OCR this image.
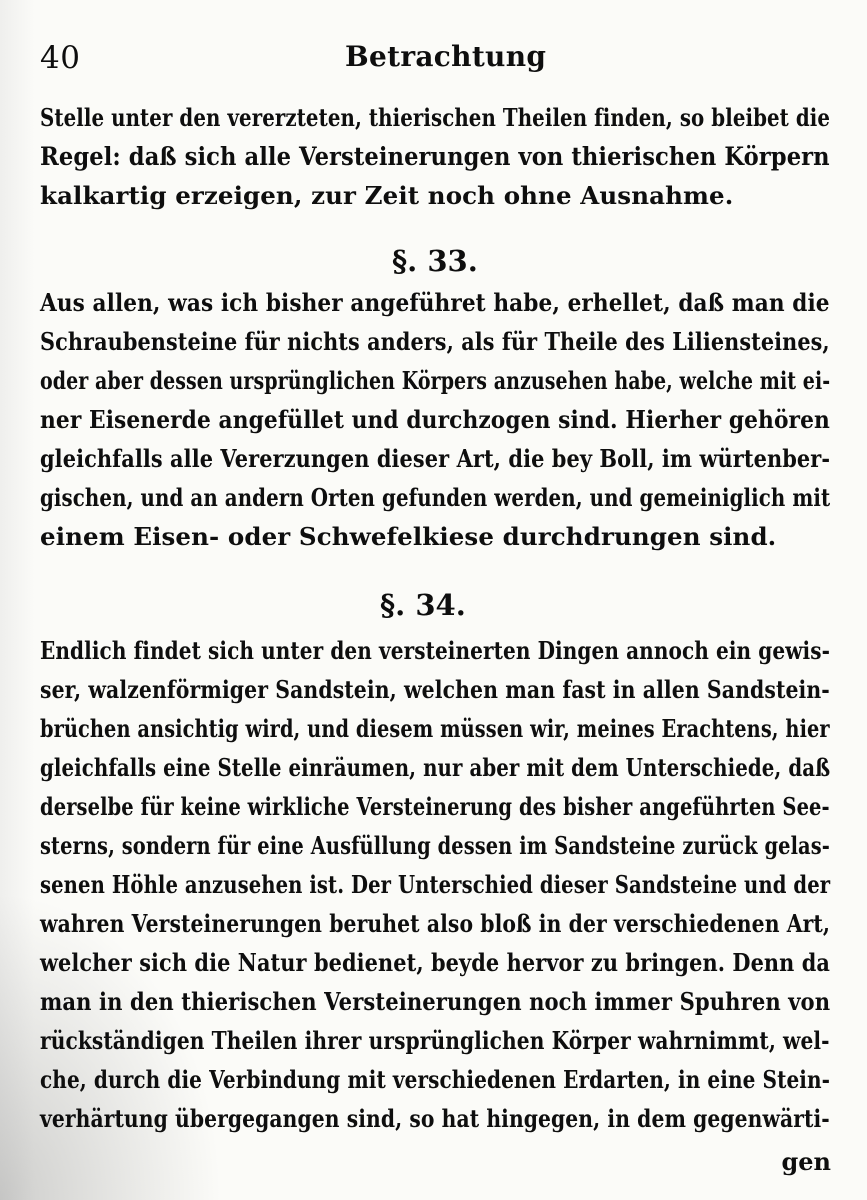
40	Betrachtung
Stelle unter den vererzteten, thierischen Theilen finden, so bleibet die
Regel: daß sich alle Versteinerungen von thierischen Körpern
kalkartig erzeigen, zur Zeit noch ohne Ausnahme.
§. 33.
Aus allen, was ich bisher angeführet habe, erhellet, daß man die
Schraubensteine für nichts anders, als für Theile des Liliensteines,
oder aber dessen ursprünglichen Körpers anzusehen habe, welche mit ei-
ner Eisenerde angefüllet und durchzogen sind. Hierher gehören
gleichfalls alle Vererzungen dieser Art, die bey Boll, im würtenber-
gischen, und an andern Orten gefunden werden, und gemeiniglich mit
einem Eisen- oder Schwefelkiese durchdrungen sind.
§. 34.
Endlich findet sich unter den versteinerten Dingen annoch ein gewis-
ser, walzenförmiger Sandstein, welchen man fast in allen Sandstein-
brüchen ansichtig wird, und diesem müssen wir, meines Erachtens, hier
gleichfalls eine Stelle einräumen, nur aber mit dem Unterschiede, daß
derselbe für keine wirkliche Versteinerung des bisher angeführten See-
sterns, sondern für eine Ausfüllung dessen im Sandsteine zurück gelas-
senen Höhle anzusehen ist. Der Unterschied dieser Sandsteine und der
wahren Versteinerungen beruhet also bloß in der verschiedenen Art,
welcher sich die Natur bedienet, beyde hervor zu bringen. Denn da
man in den thierischen Versteinerungen noch immer Spuhren von
rückständigen Theilen ihrer ursprünglichen Körper wahrnimmt, wel-
che, durch die Verbindung mit verschiedenen Erdarten, in eine Stein-
verhärtung übergegangen sind, so hat hingegen, in dem gegenwärti-
gen
